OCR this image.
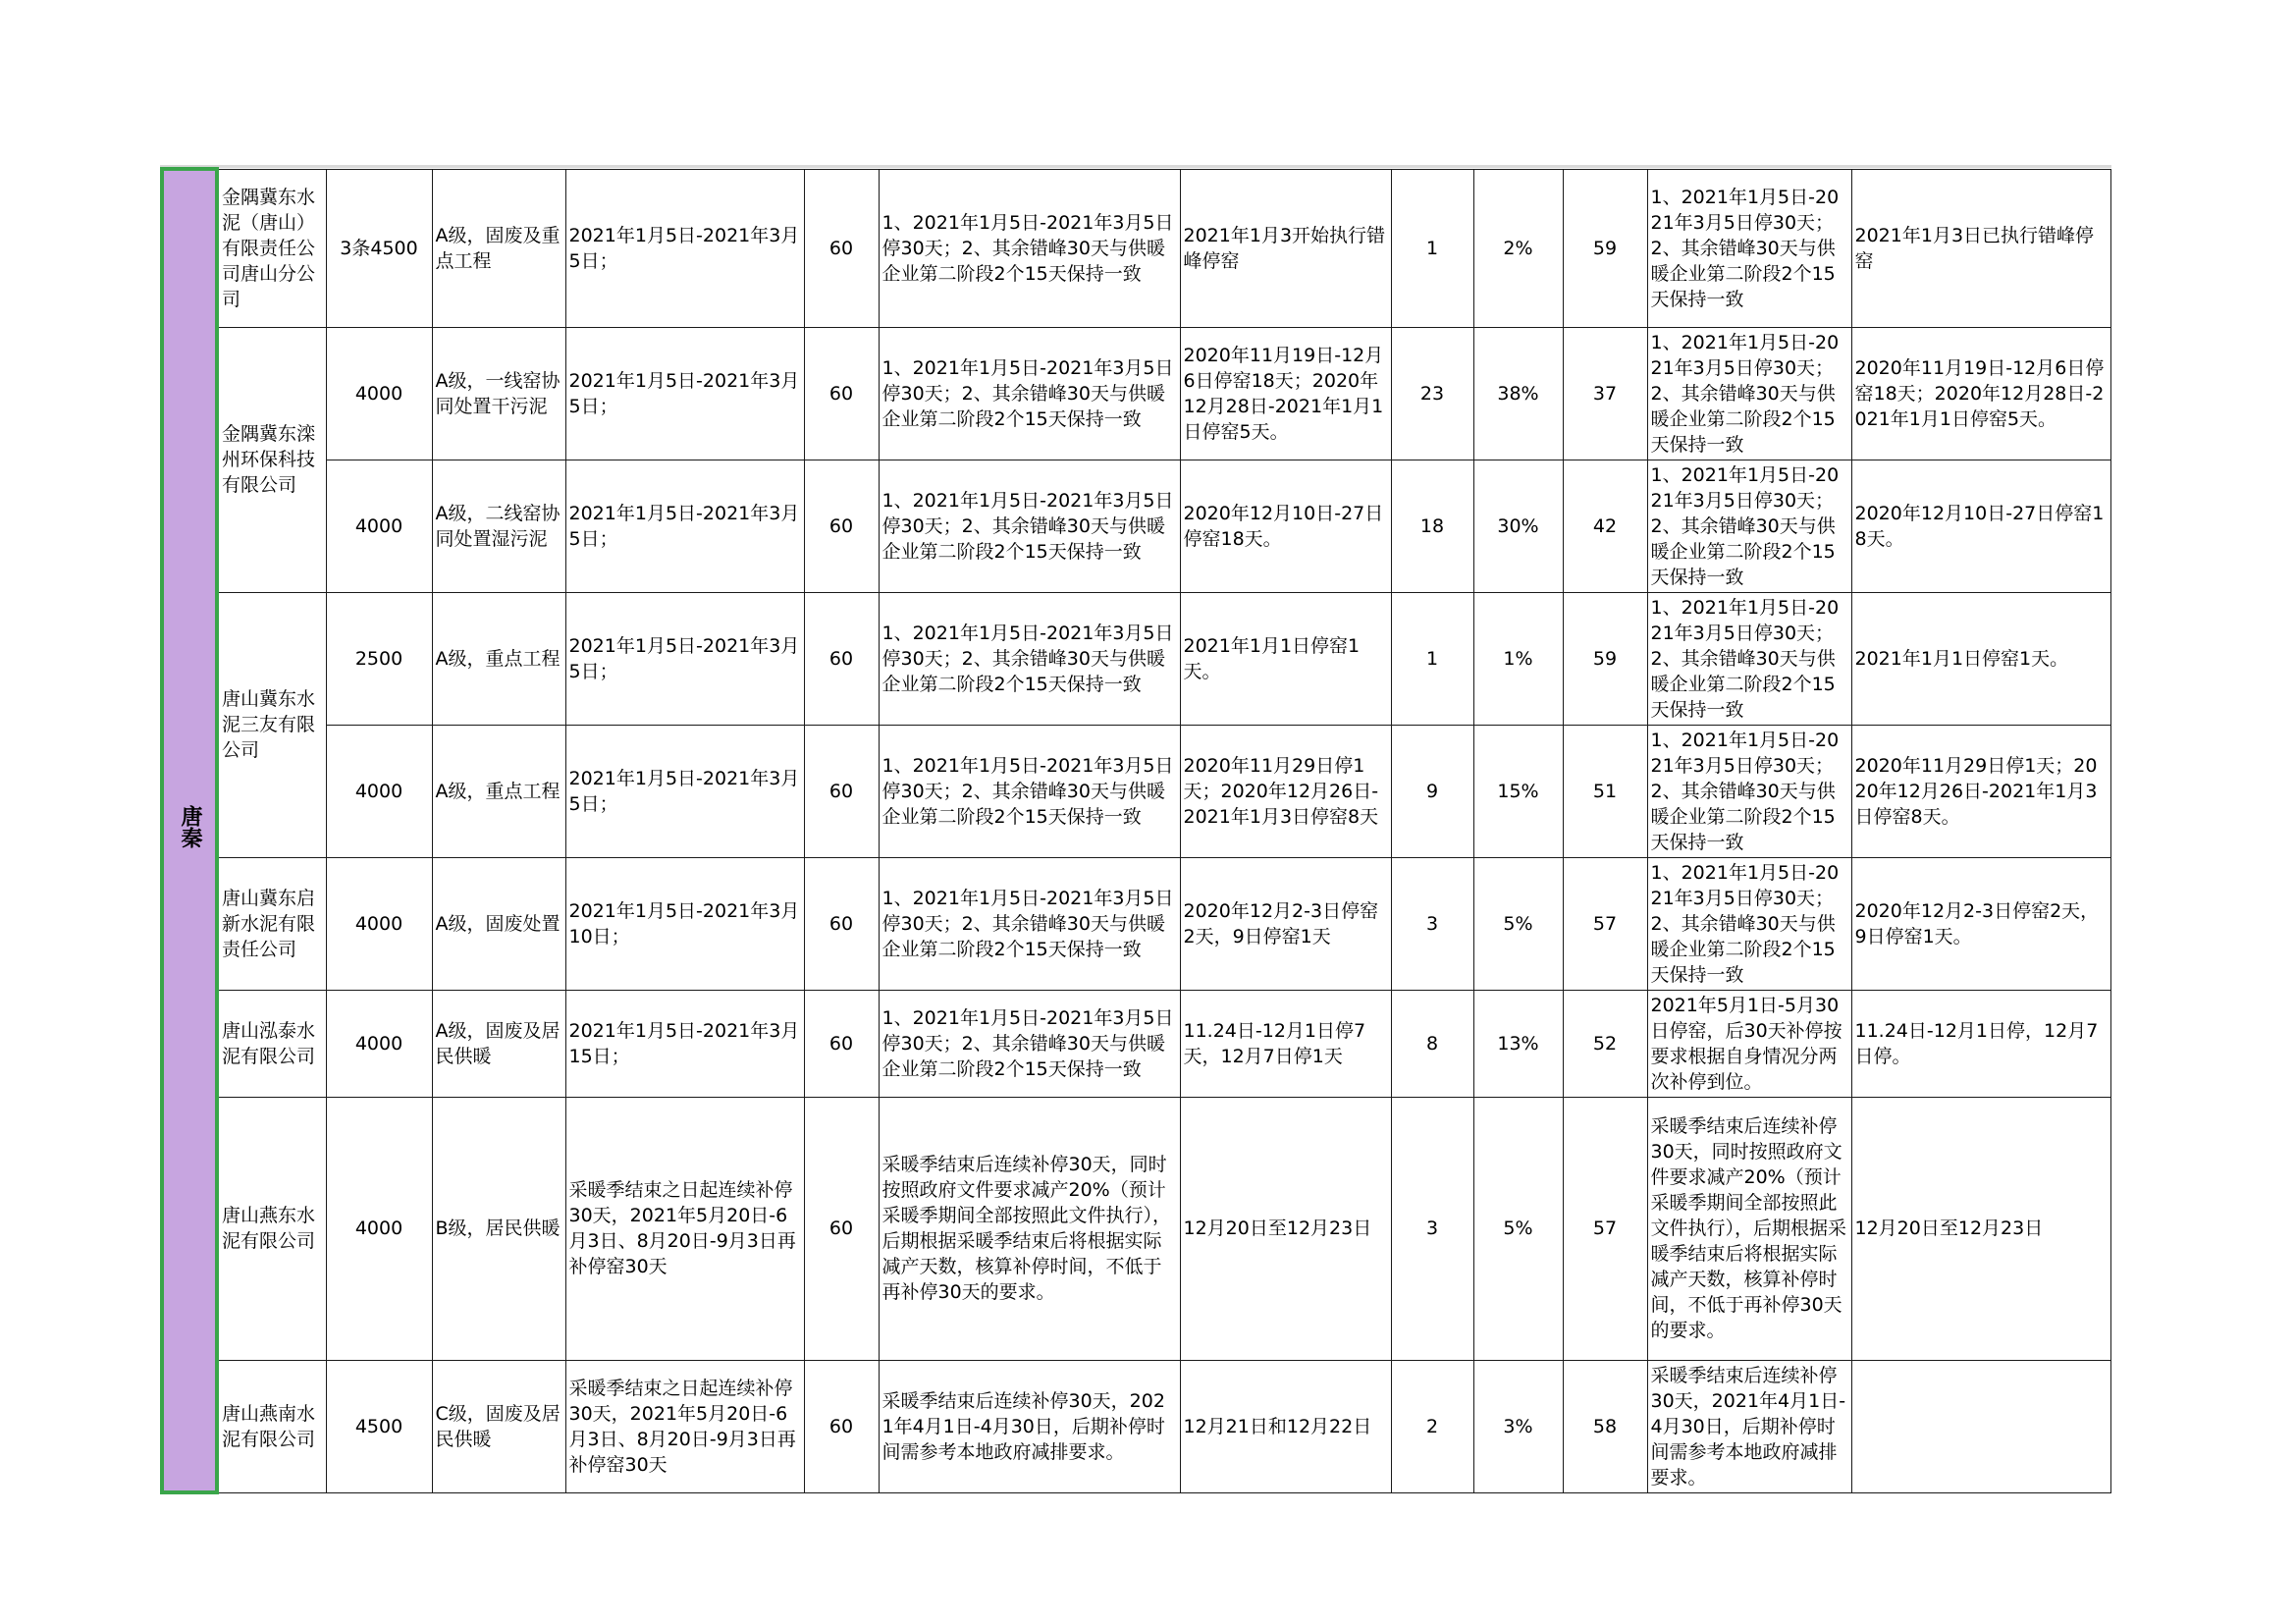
唐秦	金隅冀东水泥（唐山）有限责任公司唐山分公司	3条4500	A级，固废及重点工程	2021年1月5日-2021年3月5日；	60	1、2021年1月5日-2021年3月5日停30天；2、其余错峰30天与供暖企业第二阶段2个15天保持一致	2021年1月3开始执行错峰停窑	1	2%	59	1、2021年1月5日-2021年3月5日停30天；2、其余错峰30天与供暖企业第二阶段2个15天保持一致	2021年1月3日已执行错峰停窑
	金隅冀东滦州环保科技有限公司	4000	A级，一线窑协同处置干污泥	2021年1月5日-2021年3月5日；	60	1、2021年1月5日-2021年3月5日停30天；2、其余错峰30天与供暖企业第二阶段2个15天保持一致	2020年11月19日-12月6日停窑18天；2020年12月28日-2021年1月1日停窑5天。	23	38%	37	1、2021年1月5日-2021年3月5日停30天；2、其余错峰30天与供暖企业第二阶段2个15天保持一致	2020年11月19日-12月6日停窑18天；2020年12月28日-2021年1月1日停窑5天。
		4000	A级，二线窑协同处置湿污泥	2021年1月5日-2021年3月5日；	60	1、2021年1月5日-2021年3月5日停30天；2、其余错峰30天与供暖企业第二阶段2个15天保持一致	2020年12月10日-27日停窑18天。	18	30%	42	1、2021年1月5日-2021年3月5日停30天；2、其余错峰30天与供暖企业第二阶段2个15天保持一致	2020年12月10日-27日停窑18天。
	唐山冀东水泥三友有限公司	2500	A级，重点工程	2021年1月5日-2021年3月5日；	60	1、2021年1月5日-2021年3月5日停30天；2、其余错峰30天与供暖企业第二阶段2个15天保持一致	2021年1月1日停窑1天。	1	1%	59	1、2021年1月5日-2021年3月5日停30天；2、其余错峰30天与供暖企业第二阶段2个15天保持一致	2021年1月1日停窑1天。
		4000	A级，重点工程	2021年1月5日-2021年3月5日；	60	1、2021年1月5日-2021年3月5日停30天；2、其余错峰30天与供暖企业第二阶段2个15天保持一致	2020年11月29日停1天；2020年12月26日-2021年1月3日停窑8天	9	15%	51	1、2021年1月5日-2021年3月5日停30天；2、其余错峰30天与供暖企业第二阶段2个15天保持一致	2020年11月29日停1天；2020年12月26日-2021年1月3日停窑8天。
	唐山冀东启新水泥有限责任公司	4000	A级，固废处置	2021年1月5日-2021年3月10日；	60	1、2021年1月5日-2021年3月5日停30天；2、其余错峰30天与供暖企业第二阶段2个15天保持一致	2020年12月2-3日停窑2天，9日停窑1天	3	5%	57	1、2021年1月5日-2021年3月5日停30天；2、其余错峰30天与供暖企业第二阶段2个15天保持一致	2020年12月2-3日停窑2天，9日停窑1天。
	唐山泓泰水泥有限公司	4000	A级，固废及居民供暖	2021年1月5日-2021年3月15日；	60	1、2021年1月5日-2021年3月5日停30天；2、其余错峰30天与供暖企业第二阶段2个15天保持一致	11.24日-12月1日停7天，12月7日停1天	8	13%	52	2021年5月1日-5月30日停窑，后30天补停按要求根据自身情况分两次补停到位。	11.24日-12月1日停，12月7日停。
	唐山燕东水泥有限公司	4000	B级，居民供暖	采暖季结束之日起连续补停30天，2021年5月20日-6月3日、8月20日-9月3日再补停窑30天	60	采暖季结束后连续补停30天，同时按照政府文件要求减产20%（预计采暖季期间全部按照此文件执行），后期根据采暖季结束后将根据实际减产天数，核算补停时间，不低于再补停30天的要求。	12月20日至12月23日	3	5%	57	采暖季结束后连续补停30天，同时按照政府文件要求减产20%（预计采暖季期间全部按照此文件执行），后期根据采暖季结束后将根据实际减产天数，核算补停时间，不低于再补停30天的要求。	12月20日至12月23日
	唐山燕南水泥有限公司	4500	C级，固废及居民供暖	采暖季结束之日起连续补停30天，2021年5月20日-6月3日、8月20日-9月3日再补停窑30天	60	采暖季结束后连续补停30天，2021年4月1日-4月30日，后期补停时间需参考本地政府减排要求。	12月21日和12月22日	2	3%	58	采暖季结束后连续补停30天，2021年4月1日-4月30日，后期补停时间需参考本地政府减排要求。	
